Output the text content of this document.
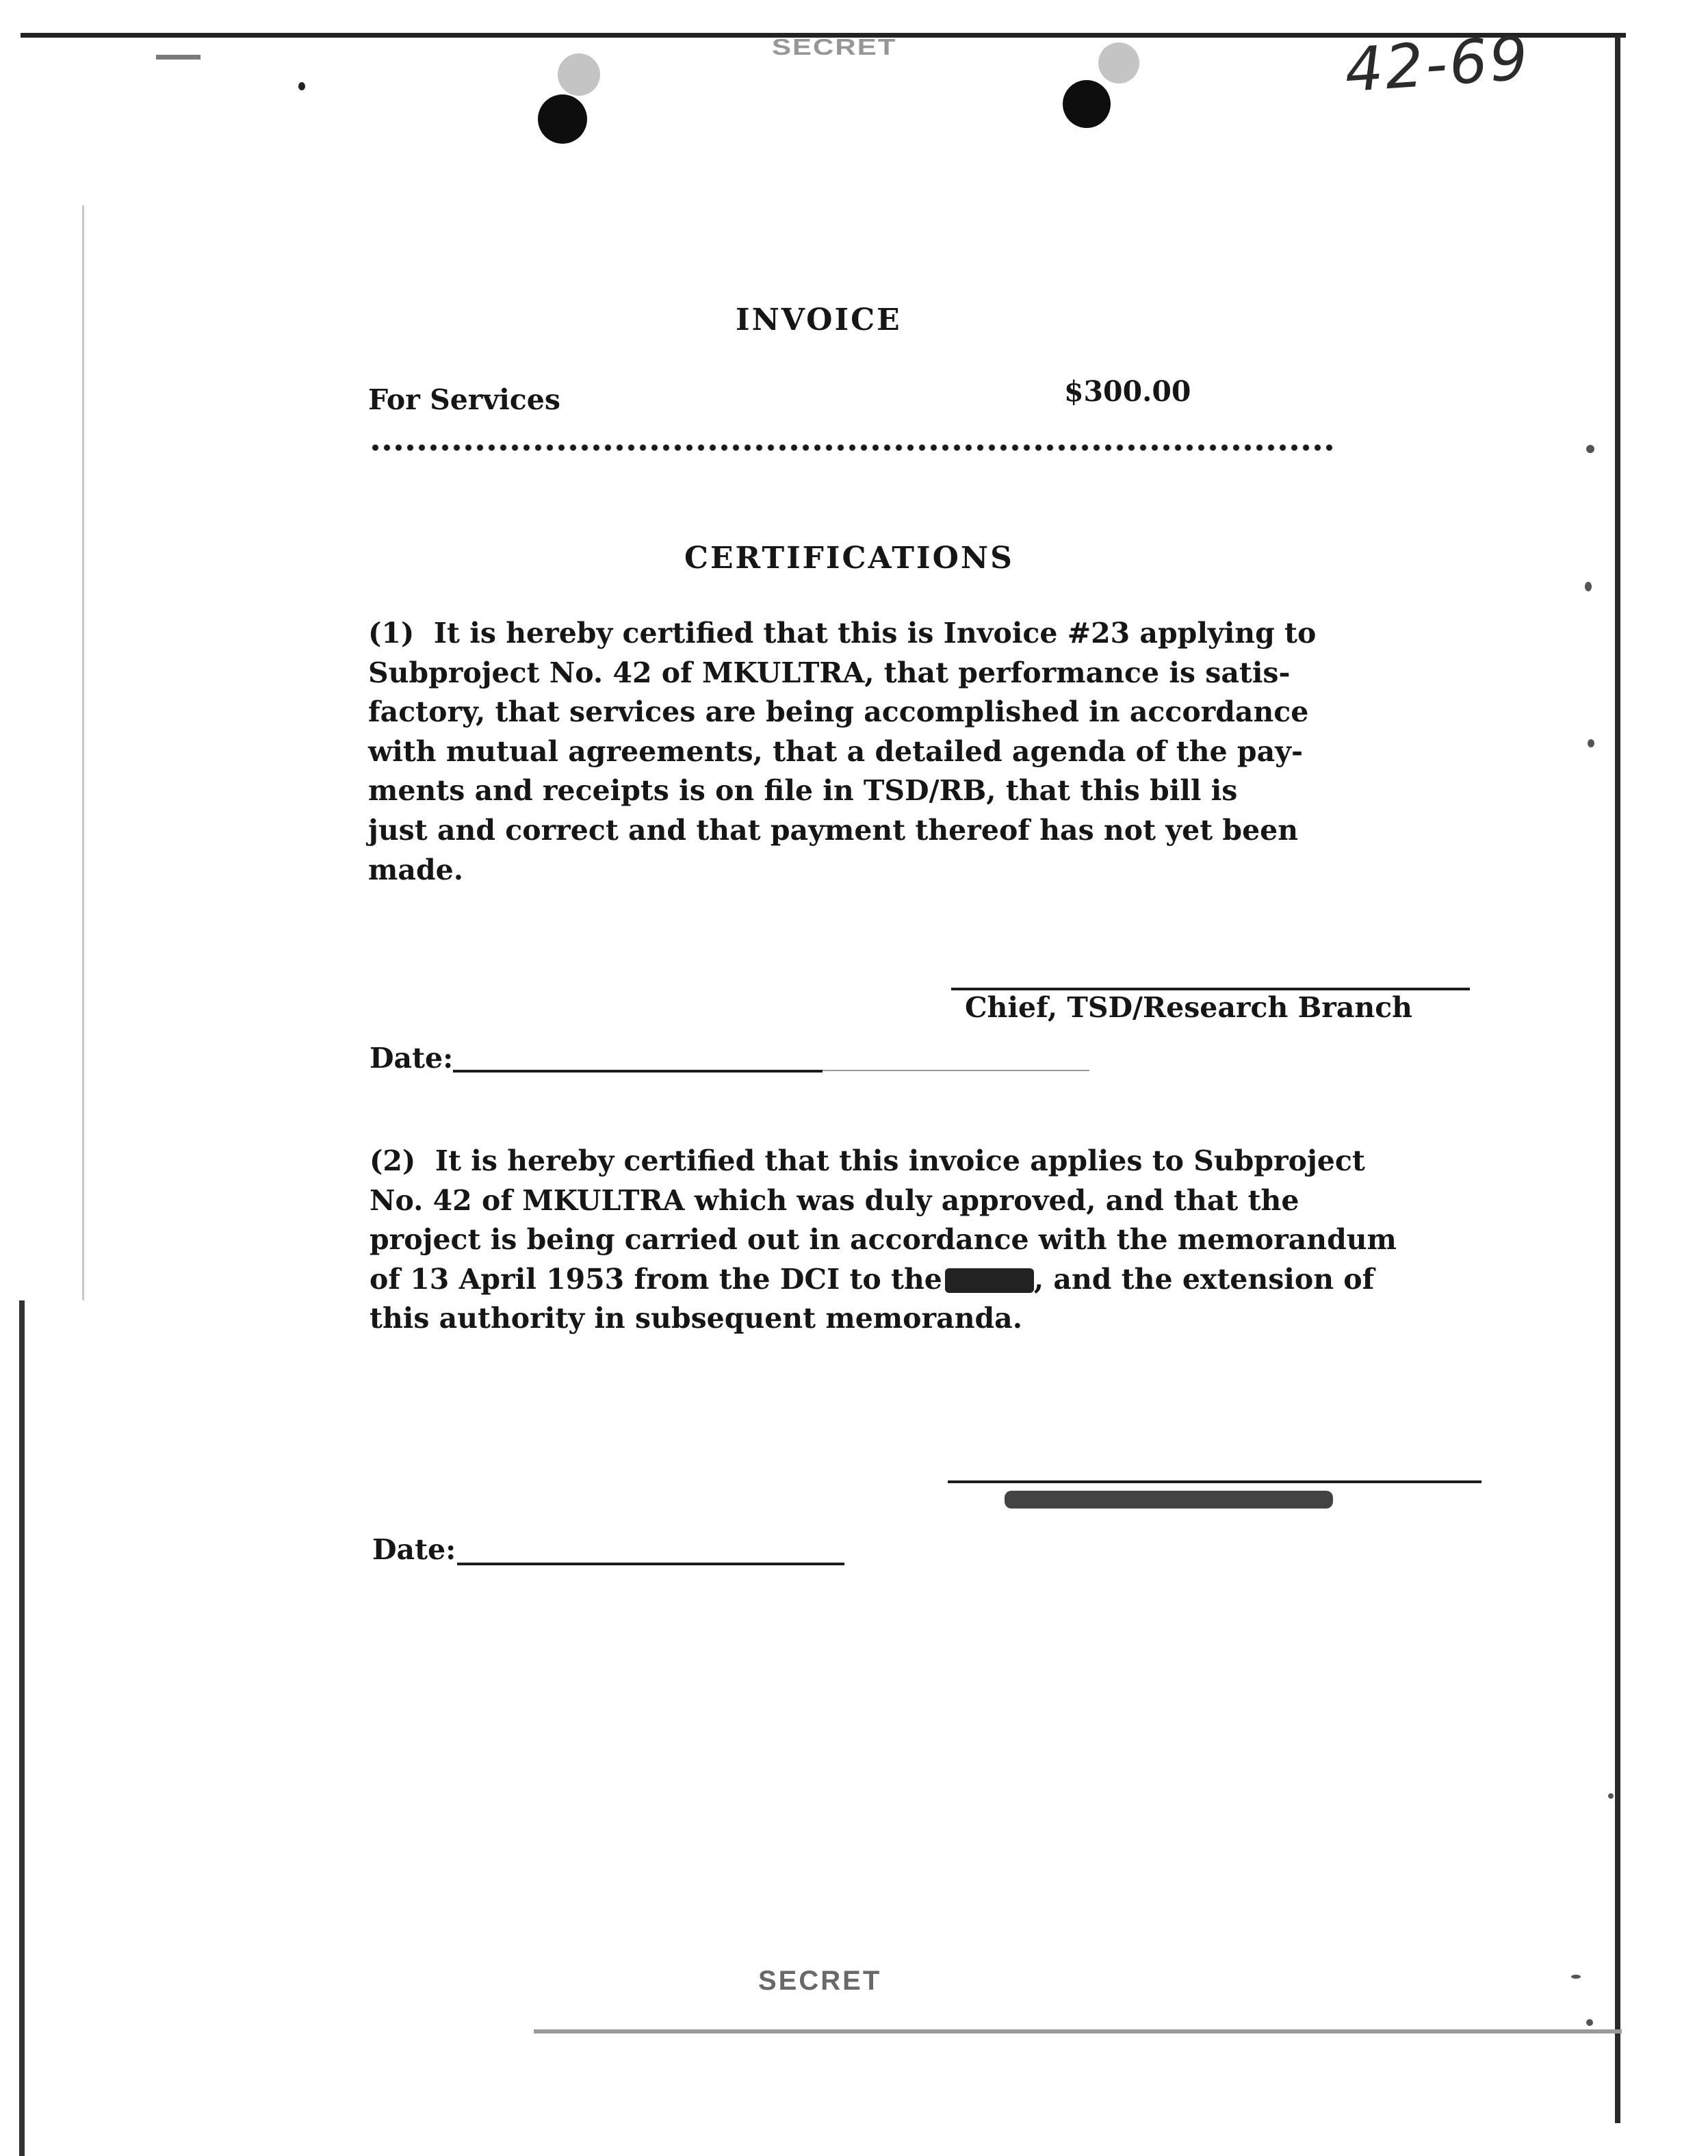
SECRET	42-69
INVOICE
For Services	$300.00
CERTIFICATIONS
(1)  It is hereby certified that this is Invoice #23 applying to
Subproject No. 42 of MKULTRA, that performance is satis-
factory, that services are being accomplished in accordance
with mutual agreements, that a detailed agenda of the pay-
ments and receipts is on file in TSD/RB, that this bill is
just and correct and that payment thereof has not yet been
made.
Chief, TSD/Research Branch
Date:
(2)  It is hereby certified that this invoice applies to Subproject
No. 42 of MKULTRA which was duly approved, and that the
project is being carried out in accordance with the memorandum
of 13 April 1953 from the DCI to the	, and the extension of
this authority in subsequent memoranda.
Date:
SECRET
